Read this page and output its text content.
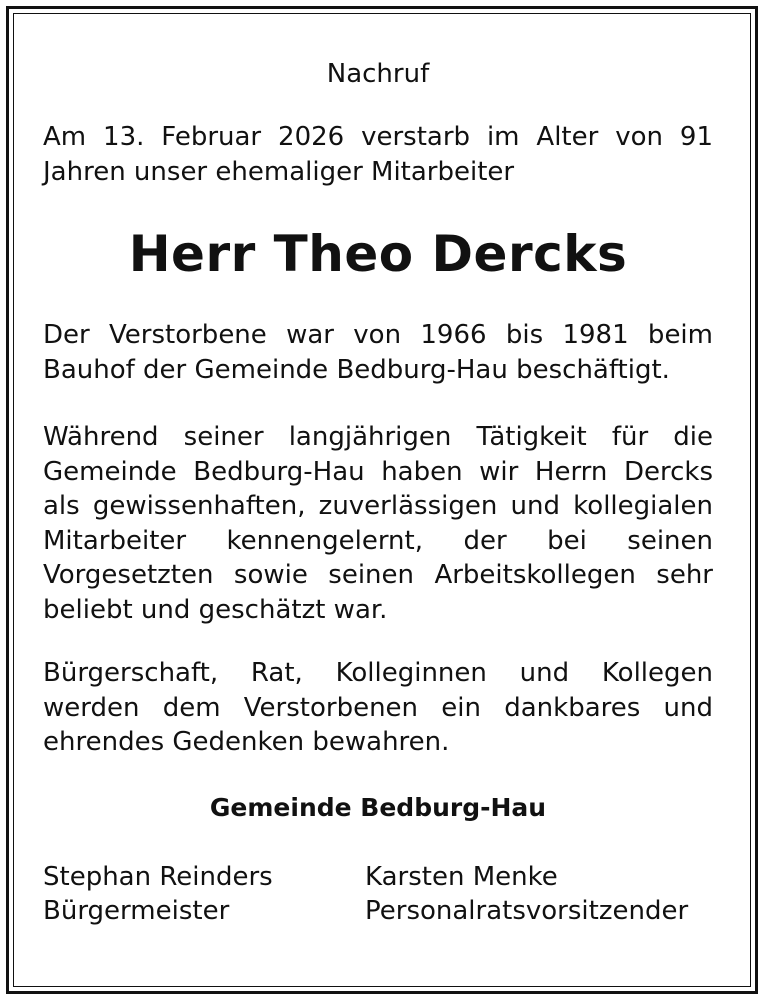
Nachruf
Am 13. Februar 2026 verstarb im Alter von 91 Jahren unser ehemaliger Mitarbeiter
Herr Theo Dercks
Der Verstorbene war von 1966 bis 1981 beim Bauhof der Gemeinde Bedburg-Hau beschäftigt.
Während seiner langjährigen Tätigkeit für die Gemeinde Bedburg-Hau haben wir Herrn Dercks als gewissenhaften, zuverlässigen und kollegialen Mitarbeiter kennengelernt, der bei seinen Vorgesetzten sowie seinen Arbeitskollegen sehr beliebt und geschätzt war.
Bürgerschaft, Rat, Kolleginnen und Kollegen werden dem Verstorbenen ein dankbares und ehrendes Gedenken bewahren.
Gemeinde Bedburg-Hau
Stephan Reinders
Bürgermeister
Karsten Menke
Personalratsvorsitzender
